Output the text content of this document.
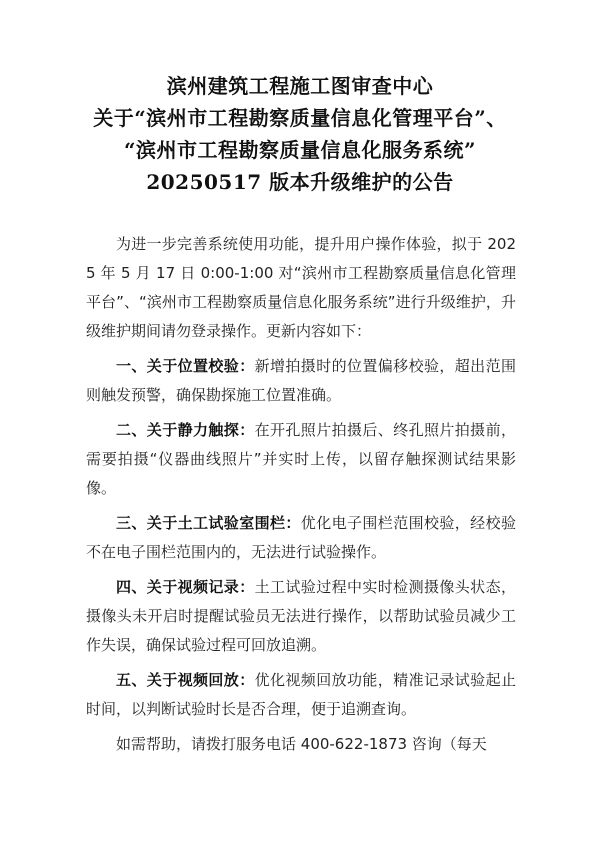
滨州建筑工程施工图审查中心
关于“滨州市工程勘察质量信息化管理平台”、
“滨州市工程勘察质量信息化服务系统”
20250517 版本升级维护的公告

为进一步完善系统使用功能，提升用户操作体验，拟于 2025 年 5 月 17 日 0:00-1:00 对“滨州市工程勘察质量信息化管理平台”、“滨州市工程勘察质量信息化服务系统”进行升级维护，升级维护期间请勿登录操作。更新内容如下：

一、关于位置校验：新增拍摄时的位置偏移校验，超出范围则触发预警，确保勘探施工位置准确。

二、关于静力触探：在开孔照片拍摄后、终孔照片拍摄前，需要拍摄“仪器曲线照片”并实时上传，以留存触探测试结果影像。

三、关于土工试验室围栏：优化电子围栏范围校验，经校验不在电子围栏范围内的，无法进行试验操作。

四、关于视频记录：土工试验过程中实时检测摄像头状态，摄像头未开启时提醒试验员无法进行操作，以帮助试验员减少工作失误，确保试验过程可回放追溯。

五、关于视频回放：优化视频回放功能，精准记录试验起止时间，以判断试验时长是否合理，便于追溯查询。

如需帮助，请拨打服务电话 400-622-1873 咨询（每天
